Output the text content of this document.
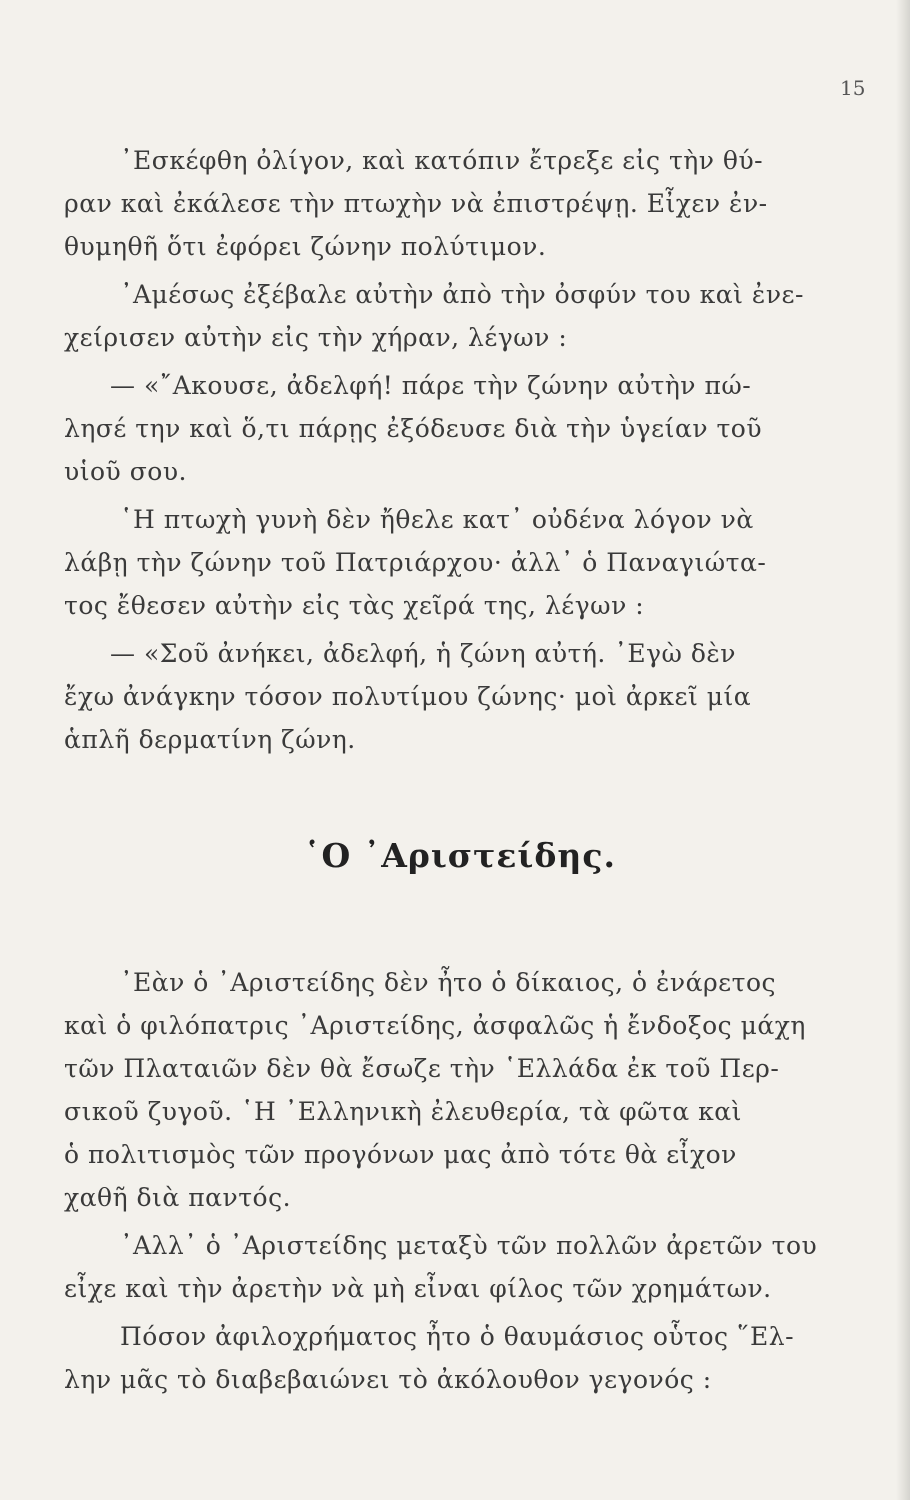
15
᾿Εσκέφθη ὀλίγον, καὶ κατόπιν ἔτρεξε εἰς τὴν θύ-
ραν καὶ ἐκάλεσε τὴν πτωχὴν νὰ ἐπιστρέψῃ. Εἶχεν ἐν-
θυμηθῆ ὅτι ἐφόρει ζώνην πολύτιμον.
᾿Αμέσως ἐξέβαλε αὐτὴν ἀπὸ τὴν ὀσφύν του καὶ ἐνε-
χείρισεν αὐτὴν εἰς τὴν χήραν, λέγων :
— «῎Ακουσε, ἀδελφή! πάρε τὴν ζώνην αὐτὴν πώ-
λησέ την καὶ ὅ,τι πάρῃς ἐξόδευσε διὰ τὴν ὑγείαν τοῦ
υἱοῦ σου.
῾Η πτωχὴ γυνὴ δὲν ἤθελε κατ᾿ οὐδένα λόγον νὰ
λάβῃ τὴν ζώνην τοῦ Πατριάρχου· ἀλλ᾿ ὁ Παναγιώτα-
τος ἔθεσεν αὐτὴν εἰς τὰς χεῖρά της, λέγων :
— «Σοῦ ἀνήκει, ἀδελφή, ἡ ζώνη αὐτή. ᾿Εγὼ δὲν
ἔχω ἀνάγκην τόσον πολυτίμου ζώνης· μοὶ ἀρκεῖ μία
ἁπλῆ δερματίνη ζώνη.
῾Ο ᾿Αριστείδης.
᾿Εὰν ὁ ᾿Αριστείδης δὲν ἦτο ὁ δίκαιος, ὁ ἐνάρετος
καὶ ὁ φιλόπατρις ᾿Αριστείδης, ἀσφαλῶς ἡ ἔνδοξος μάχη
τῶν Πλαταιῶν δὲν θὰ ἔσωζε τὴν ῾Ελλάδα ἐκ τοῦ Περ-
σικοῦ ζυγοῦ. ῾Η ᾿Ελληνικὴ ἐλευθερία, τὰ φῶτα καὶ
ὁ πολιτισμὸς τῶν προγόνων μας ἀπὸ τότε θὰ εἶχον
χαθῆ διὰ παντός.
᾿Αλλ᾿ ὁ ᾿Αριστείδης μεταξὺ τῶν πολλῶν ἀρετῶν του
εἶχε καὶ τὴν ἀρετὴν νὰ μὴ εἶναι φίλος τῶν χρημάτων.
Πόσον ἀφιλοχρήματος ἦτο ὁ θαυμάσιος οὗτος ῞Ελ-
λην μᾶς τὸ διαβεβαιώνει τὸ ἀκόλουθον γεγονός :
